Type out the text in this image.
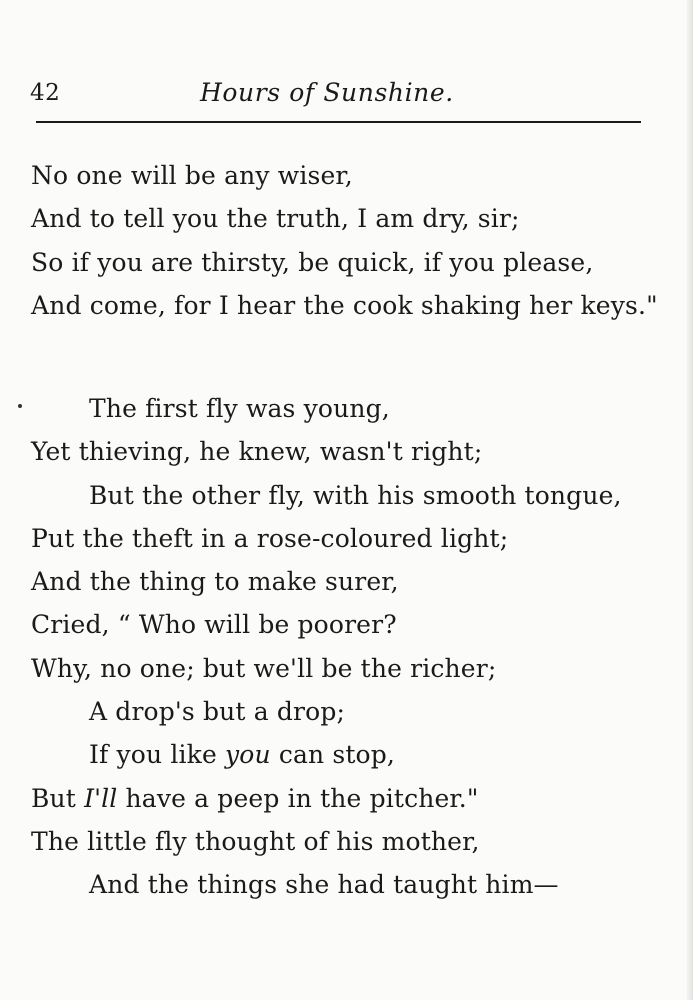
42	Hours of Sunshine.
No one will be any wiser,
And to tell you the truth, I am dry, sir;
So if you are thirsty, be quick, if you please,
And come, for I hear the cook shaking her keys."
The first fly was young,
Yet thieving, he knew, wasn't right;
But the other fly, with his smooth tongue,
Put the theft in a rose-coloured light;
And the thing to make surer,
Cried, “ Who will be poorer?
Why, no one; but we'll be the richer;
A drop's but a drop;
If you like you can stop,
But I'll have a peep in the pitcher."
The little fly thought of his mother,
And the things she had taught him—
